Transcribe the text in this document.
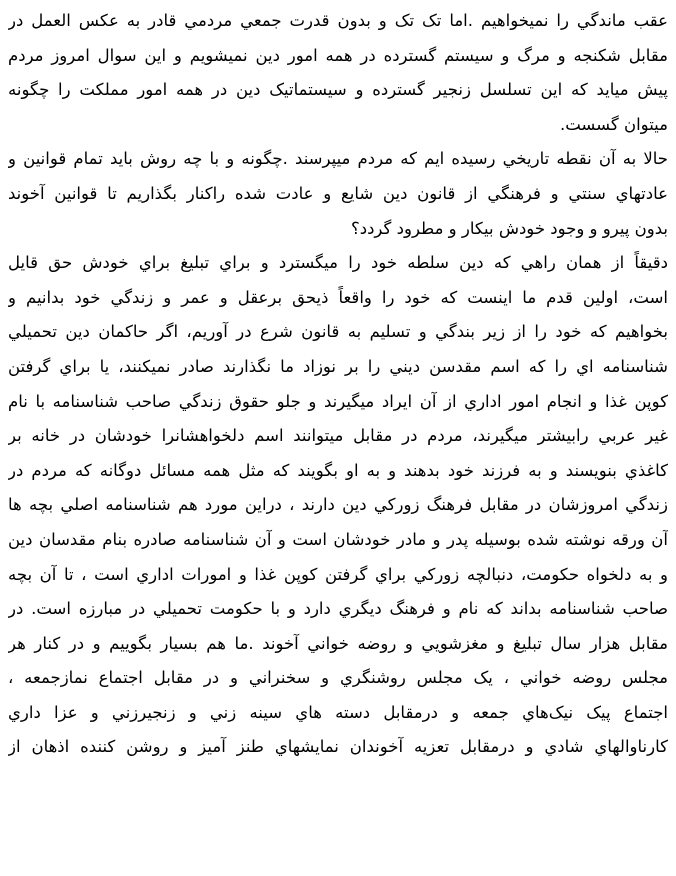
عقب ماندگي را نميخواهيم .اما تک تک و بدون قدرت جمعي مردمي قادر به عکس العمل در
مقابل شکنجه و مرگ و سيستم گسترده در همه امور دين نميشويم و اين سوال امروز مردم
پيش ميايد که اين تسلسل زنجير گسترده و سيستماتيک دين در همه امور مملکت را چگونه
ميتوان گسست.
حالا به آن نقطه تاريخي رسيده ايم که مردم ميپرسند .چگونه و با چه روش بايد تمام قوانين و
عادتهاي سنتي و فرهنگي از قانون دين شايع و عادت شده راكنار بگذاريم تا قوانين آخوند
بدون پيرو و وجود خودش بيکار و مطرود گردد؟
دقيقاً از همان راهي که دين سلطه خود را ميگسترد و براي تبليغ براي خودش حق قايل
است، اولين قدم ما اينست که خود را واقعاً ذيحق برعقل و عمر و زندگي خود بدانيم و
بخواهيم که خود را از زير بندگي و تسليم به قانون شرع در آوريم، اگر حاکمان دين تحميلي
شناسنامه اي را که اسم مقدسن ديني را بر نوزاد ما نگذارند صادر نميکنند، يا براي گرفتن
کوپن غذا و انجام امور اداري از آن ايراد ميگيرند و جلو حقوق زندگي صاحب شناسنامه با نام
غير عربي رابيشتر ميگيرند، مردم در مقابل ميتوانند اسم دلخواهشانرا خودشان در خانه بر
کاغذي بنويسند و به فرزند خود بدهند و به او بگويند که مثل همه مسائل دوگانه که مردم در
زندگي امروزشان در مقابل فرهنگ زورکي دين دارند ، دراين مورد هم شناسنامه اصلي بچه ها
آن ورقه نوشته شده بوسيله پدر و مادر خودشان است و آن شناسنامه صادره بنام مقدسان دين
و به دلخواه حکومت، دنبالچه زورکي براي گرفتن کوپن غذا و امورات اداري است ، تا آن بچه
صاحب شناسنامه بداند که نام و فرهنگ ديگري دارد و با حکومت تحميلي در مبارزه است. در
مقابل هزار سال تبليغ و مغزشويي و روضه خواني آخوند .ما هم بسيار بگوييم و در کنار هر
مجلس روضه خواني ، يک مجلس روشنگري و سخنراني و در مقابل اجتماع نمازجمعه ،
اجتماع پيک نيک‌هاي جمعه و درمقابل دسته هاي سينه زني و زنجيرزني و عزا داري
کارناوالهاي شادي و درمقابل تعزيه آخوندان نمايشهاي طنز آميز و روشن کننده اذهان از
